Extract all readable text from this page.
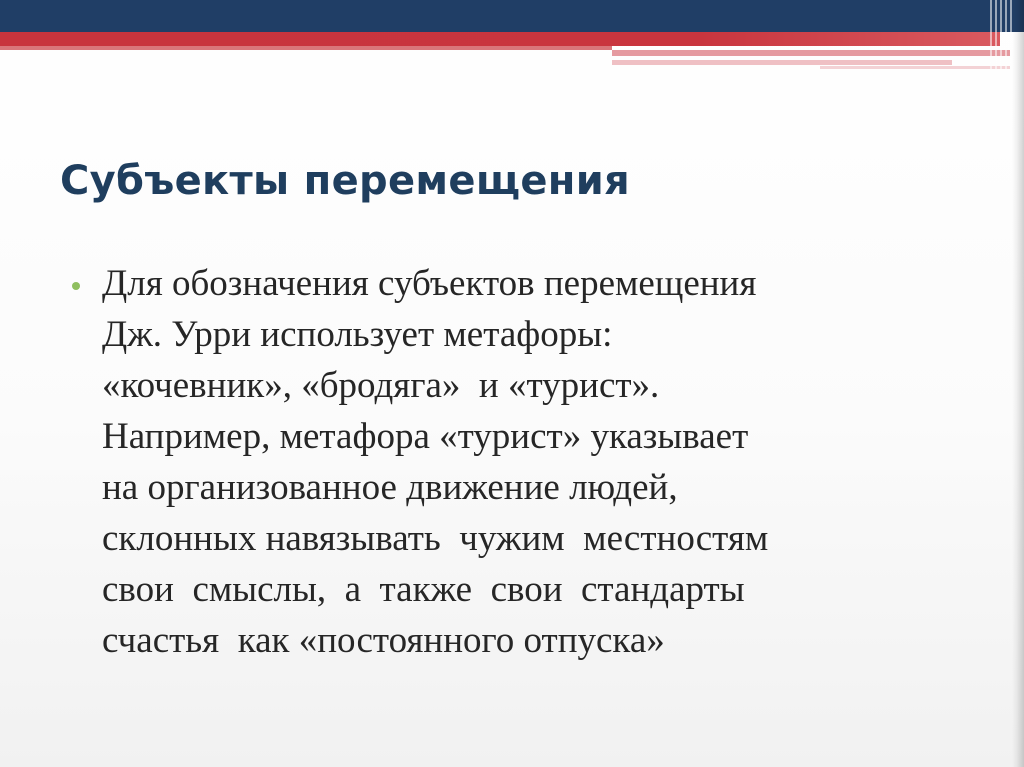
Субъекты перемещения
Для обозначения субъектов перемещения
Дж. Урри использует метафоры:
«кочевник», «бродяга»  и «турист».
Например, метафора «турист» указывает
на организованное движение людей,
склонных навязывать  чужим  местностям
свои  смыслы,  а  также  свои  стандарты
счастья  как «постоянного отпуска»
